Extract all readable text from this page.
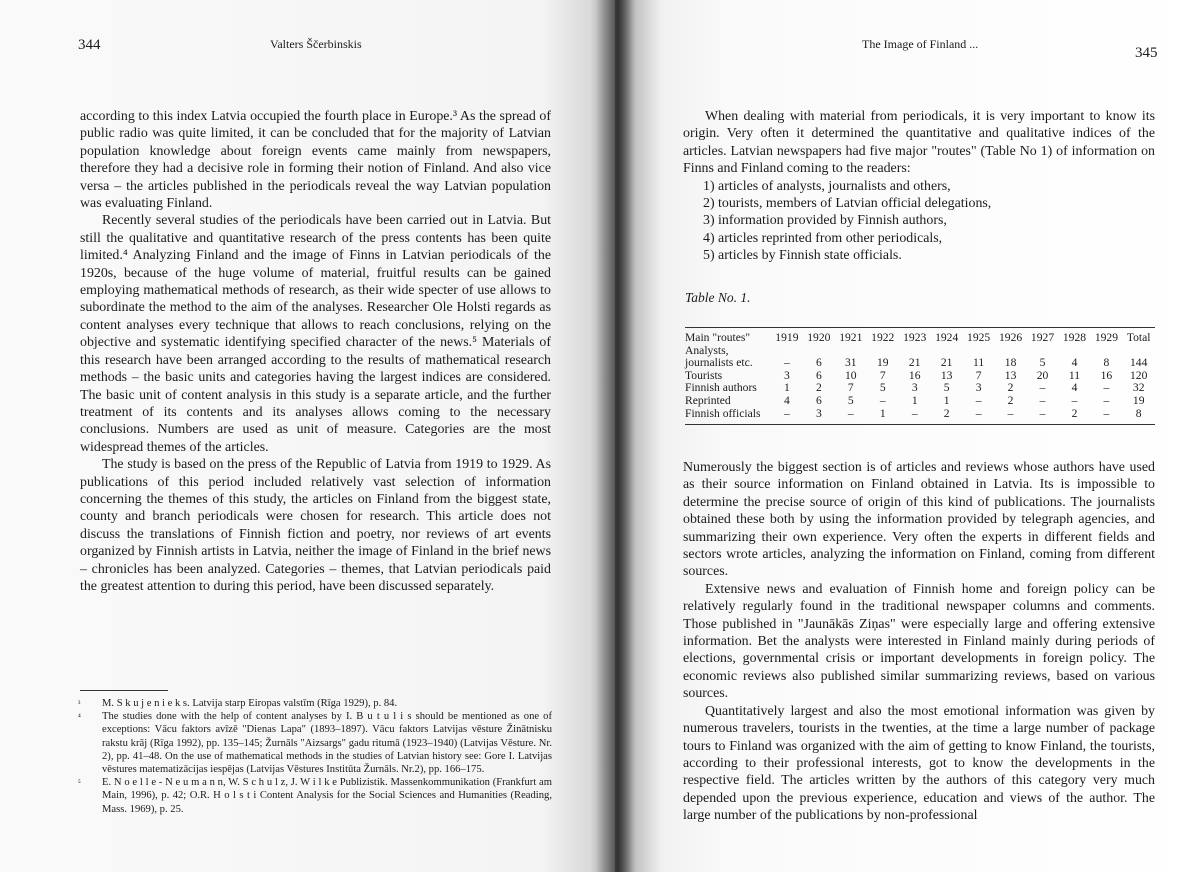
344	Valters Ščerbinskis

according to this index Latvia occupied the fourth place in Europe.³ As the spread of public radio was quite limited, it can be concluded that for the majority of Latvian population knowledge about foreign events came mainly from newspapers, therefore they had a decisive role in forming their notion of Finland. And also vice versa – the articles published in the periodicals reveal the way Latvian population was evaluating Finland.

Recently several studies of the periodicals have been carried out in Latvia. But still the qualitative and quantitative research of the press contents has been quite limited.⁴ Analyzing Finland and the image of Finns in Latvian periodicals of the 1920s, because of the huge volume of material, fruitful results can be gained employing mathematical methods of research, as their wide specter of use allows to subordinate the method to the aim of the analyses. Researcher Ole Holsti regards as content analyses every technique that allows to reach conclusions, relying on the objective and systematic identifying specified character of the news.⁵ Materials of this research have been arranged according to the results of mathematical research methods – the basic units and categories having the largest indices are considered. The basic unit of content analysis in this study is a separate article, and the further treatment of its contents and its analyses allows coming to the necessary conclusions. Numbers are used as unit of measure. Categories are the most widespread themes of the articles.

The study is based on the press of the Republic of Latvia from 1919 to 1929. As publications of this period included relatively vast selection of information concerning the themes of this study, the articles on Finland from the biggest state, county and branch periodicals were chosen for research. This article does not discuss the translations of Finnish fiction and poetry, nor reviews of art events organized by Finnish artists in Latvia, neither the image of Finland in the brief news – chronicles has been analyzed. Categories – themes, that Latvian periodicals paid the greatest attention to during this period, have been discussed separately.

³ M. S k u j e n i e k s. Latvija starp Eiropas valstīm (Rīga 1929), p. 84.

⁴ The studies done with the help of content analyses by I. B u t u l i s should be mentioned as one of exceptions: Vācu faktors avīzē "Dienas Lapa" (1893–1897). Vācu faktors Latvijas vēsture Žinātnisku rakstu krāj (Rīga 1992), pp. 135–145; Žurnāls "Aizsargs" gadu ritumā (1923–1940) (Latvijas Vēsture. Nr. 2), pp. 41–48. On the use of mathematical methods in the studies of Latvian history see: Gore I. Latvijas vēstures matematizācijas iespējas (Latvijas Vēstures Institūta Žurnāls. Nr.2), pp. 166–175.

⁵ E. N o e l l e - N e u m a n n, W. S c h u l z, J. W i l k e Publizistik. Massenkommunikation (Frankfurt am Main, 1996), p. 42; O.R. H o l s t i Content Analysis for the Social Sciences and Humanities (Reading, Mass. 1969), p. 25.

The Image of Finland ...
345

When dealing with material from periodicals, it is very important to know its origin. Very often it determined the quantitative and qualitative indices of the articles. Latvian newspapers had five major "routes" (Table No 1) of information on Finns and Finland coming to the readers:

1) articles of analysts, journalists and others,
2) tourists, members of Latvian official delegations,
3) information provided by Finnish authors,
4) articles reprinted from other periodicals,
5) articles by Finnish state officials.
Table No. 1.
Main "routes"	1919	1920	1921	1922	1923	1924	1925	1926	1927	1928	1929	Total
Analysts,												
journalists etc.	–	6	31	19	21	21	11	18	5	4	8	144
Tourists	3	6	10	7	16	13	7	13	20	11	16	120
Finnish authors	1	2	7	5	3	5	3	2	–	4	–	32
Reprinted	4	6	5	–	1	1	–	2	–	–	–	19
Finnish officials	–	3	–	1	–	2	–	–	–	2	–	8

Numerously the biggest section is of articles and reviews whose authors have used as their source information on Finland obtained in Latvia. Its is impossible to determine the precise source of origin of this kind of publications. The journalists obtained these both by using the information provided by telegraph agencies, and summarizing their own experience. Very often the experts in different fields and sectors wrote articles, analyzing the information on Finland, coming from different sources.

Extensive news and evaluation of Finnish home and foreign policy can be relatively regularly found in the traditional newspaper columns and comments. Those published in "Jaunākās Ziņas" were especially large and offering extensive information. Bet the analysts were interested in Finland mainly during periods of elections, governmental crisis or important developments in foreign policy. The economic reviews also published similar summarizing reviews, based on various sources.

Quantitatively largest and also the most emotional information was given by numerous travelers, tourists in the twenties, at the time a large number of package tours to Finland was organized with the aim of getting to know Finland, the tourists, according to their professional interests, got to know the developments in the respective field. The articles written by the authors of this category very much depended upon the previous experience, education and views of the author. The large number of the publications by non-professional
